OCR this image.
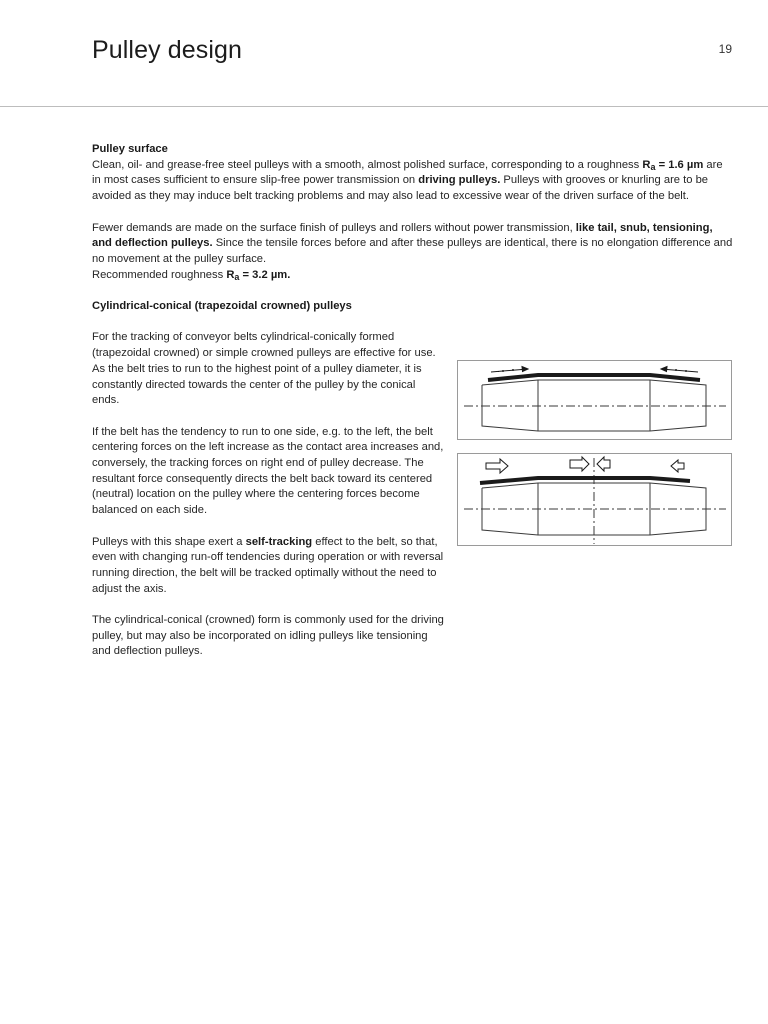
Pulley design	19

Pulley surface

Clean, oil- and grease-free steel pulleys with a smooth, almost polished surface, corresponding to a roughness $R_a = 1.6$ µm are in most cases sufficient to ensure slip-free power transmission on driving pulleys. Pulleys with grooves or knurling are to be avoided as they may induce belt tracking problems and may also lead to excessive wear of the driven surface of the belt.

Fewer demands are made on the surface finish of pulleys and rollers without power transmission, like tail, snub, tensioning, and deflection pulleys. Since the tensile forces before and after these pulleys are identical, there is no elongation difference and no movement at the pulley surface.
Recommended roughness $R_a = 3.2$ µm.

Cylindrical-conical (trapezoidal crowned) pulleys

For the tracking of conveyor belts cylindrical-conically formed (trapezoidal crowned) or simple crowned pulleys are effective for use. As the belt tries to run to the highest point of a pulley diameter, it is constantly directed towards the center of the pulley by the conical ends.

If the belt has the tendency to run to one side, e.g. to the left, the belt centering forces on the left increase as the contact area increases and, conversely, the tracking forces on right end of pulley decrease. The resultant force consequently directs the belt back toward its centered (neutral) location on the pulley where the centering forces become balanced on each side.

Pulleys with this shape exert a self-tracking effect to the belt, so that, even with changing run-off tendencies during operation or with reversal running direction, the belt will be tracked optimally without the need to adjust the axis.

The cylindrical-conical (crowned) form is commonly used for the driving pulley, but may also be incorporated on idling pulleys like tensioning and deflection pulleys.
